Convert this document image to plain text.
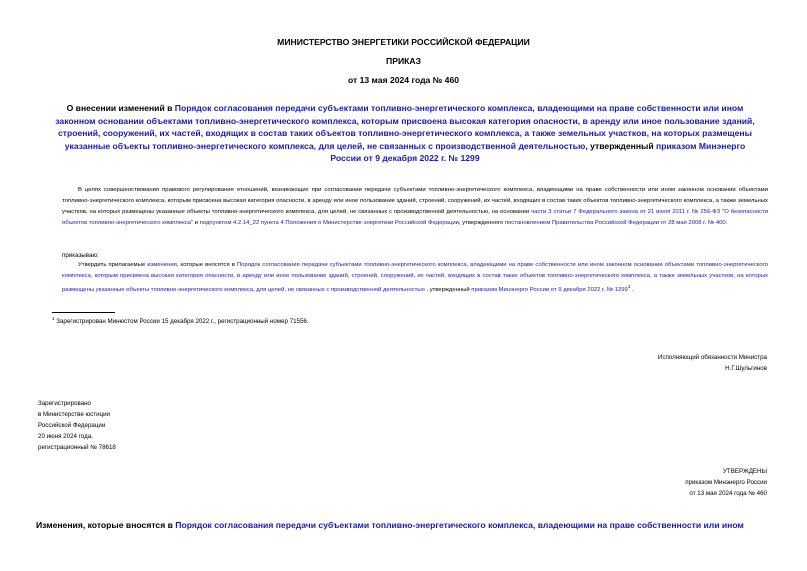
МИНИСТЕРСТВО ЭНЕРГЕТИКИ РОССИЙСКОЙ ФЕДЕРАЦИИ
ПРИКАЗ
от 13 мая 2024 года № 460
О внесении изменений в Порядок согласования передачи субъектами топливно-энергетического комплекса, владеющими на праве собственности или ином законном основании объектами топливно-энергетического комплекса, которым присвоена высокая категория опасности, в аренду или иное пользование зданий, строений, сооружений, их частей, входящих в состав таких объектов топливно-энергетического комплекса, а также земельных участков, на которых размещены указанные объекты топливно-энергетического комплекса, для целей, не связанных с производственной деятельностью, утвержденный приказом Минэнерго России от 9 декабря 2022 г. № 1299
В целях совершенствования правового регулирования отношений, возникающих при согласовании передачи субъектами топливно-энергетического комплекса, владеющими на праве собственности или ином законном основании объектами топливно-энергетического комплекса, которым присвоена высокая категория опасности, в аренду или иное пользование зданий, строений, сооружений, их частей, входящих в состав таких объектов топливно-энергетического комплекса, а также земельных участков, на которых размещены указанные объекты топливно-энергетического комплекса, для целей, не связанных с производственной деятельностью, на основании части 3 статьи 7 Федерального закона от 21 июля 2011 г. № 256-ФЗ "О безопасности объектов топливно-энергетического комплекса" и подпунктом 4.2.14_22 пункта 4 Положения о Министерстве энергетики Российской Федерации, утвержденного постановлением Правительства Российской Федерации от 28 мая 2008 г. № 400.
приказываю:
Утвердить прилагаемые изменения, которые вносятся в Порядок согласования передачи субъектами топливно-энергетического комплекса, владеющими на праве собственности или ином законном основании объектами топливно-энергетического комплекса, которым присвоена высокая категория опасности, в аренду или иное пользование зданий, строений, сооружений, их частей, входящих в состав таких объектов топливно-энергетического комплекса, а также земельных участков, на которых размещены указанные объекты топливно-энергетического комплекса, для целей, не связанных с производственной деятельностью , утвержденный приказом Минэнерго России от 9 декабря 2022 г. № 1299$^1$ .
$^1$ Зарегистрирован Минюстом России 15 декабря 2022 г., регистрационный номер 71556.
Исполняющий обязанности Министра
Н.Г.Шульгинов
Зарегистрировано
в Министерстве юстиции
Российской Федерации
20 июня 2024 года,
регистрационный № 78618
УТВЕРЖДЕНЫ
приказом Минэнерго России
от 13 мая 2024 года № 460
Изменения, которые вносятся в Порядок согласования передачи субъектами топливно-энергетического комплекса, владеющими на праве собственности или ином
